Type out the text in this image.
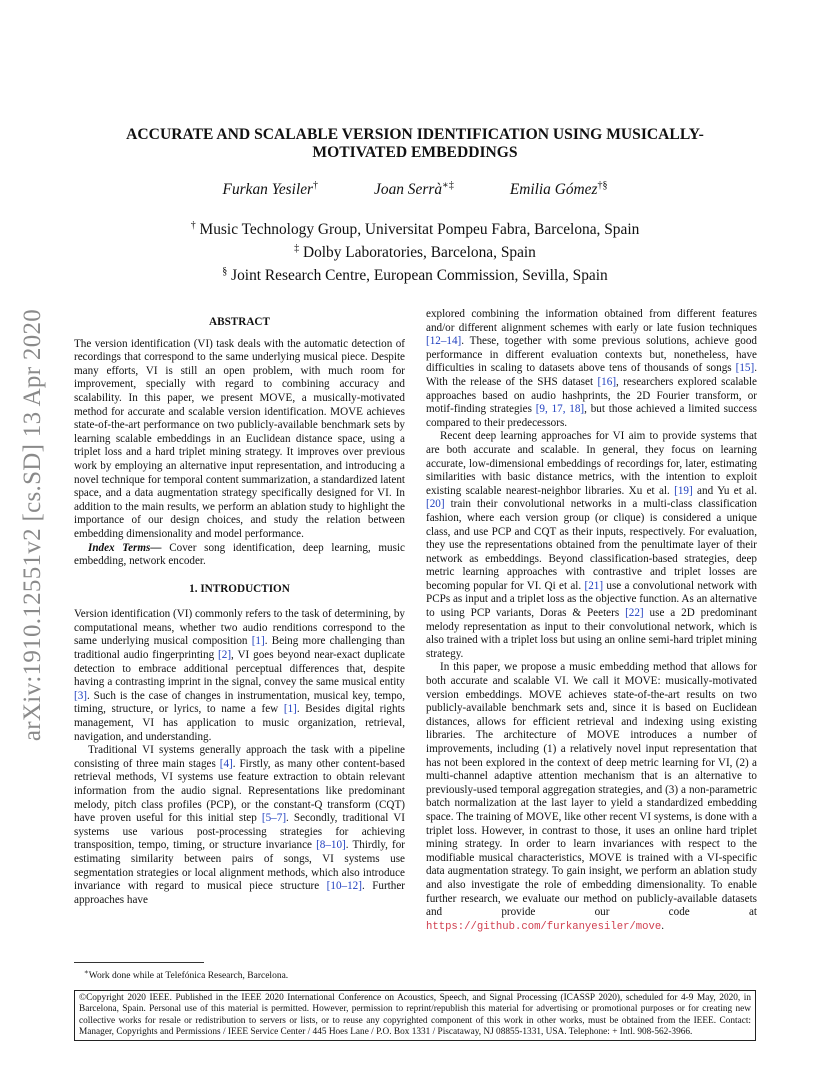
arXiv:1910.12551v2 [cs.SD] 13 Apr 2020
ACCURATE AND SCALABLE VERSION IDENTIFICATION USING MUSICALLY-MOTIVATED EMBEDDINGS
Furkan Yesiler†	Joan Serrà∗‡	Emilia Gómez†§
† Music Technology Group, Universitat Pompeu Fabra, Barcelona, Spain
‡ Dolby Laboratories, Barcelona, Spain
§ Joint Research Centre, European Commission, Sevilla, Spain
ABSTRACT

The version identification (VI) task deals with the automatic detection of recordings that correspond to the same underlying musical piece. Despite many efforts, VI is still an open problem, with much room for improvement, specially with regard to combining accuracy and scalability. In this paper, we present MOVE, a musically-motivated method for accurate and scalable version identification. MOVE achieves state-of-the-art performance on two publicly-available benchmark sets by learning scalable embeddings in an Euclidean distance space, using a triplet loss and a hard triplet mining strategy. It improves over previous work by employing an alternative input representation, and introducing a novel technique for temporal content summarization, a standardized latent space, and a data augmentation strategy specifically designed for VI. In addition to the main results, we perform an ablation study to highlight the importance of our design choices, and study the relation between embedding dimensionality and model performance.

Index Terms— Cover song identification, deep learning, music embedding, network encoder.

1. INTRODUCTION

Version identification (VI) commonly refers to the task of determining, by computational means, whether two audio renditions correspond to the same underlying musical composition [1]. Being more challenging than traditional audio fingerprinting [2], VI goes beyond near-exact duplicate detection to embrace additional perceptual differences that, despite having a contrasting imprint in the signal, convey the same musical entity [3]. Such is the case of changes in instrumentation, musical key, tempo, timing, structure, or lyrics, to name a few [1]. Besides digital rights management, VI has application to music organization, retrieval, navigation, and understanding.

Traditional VI systems generally approach the task with a pipeline consisting of three main stages [4]. Firstly, as many other content-based retrieval methods, VI systems use feature extraction to obtain relevant information from the audio signal. Representations like predominant melody, pitch class profiles (PCP), or the constant-Q transform (CQT) have proven useful for this initial step [5–7]. Secondly, traditional VI systems use various post-processing strategies for achieving transposition, tempo, timing, or structure invariance [8–10]. Thirdly, for estimating similarity between pairs of songs, VI systems use segmentation strategies or local alignment methods, which also introduce invariance with regard to musical piece structure [10–12]. Further approaches have

explored combining the information obtained from different features and/or different alignment schemes with early or late fusion techniques [12–14]. These, together with some previous solutions, achieve good performance in different evaluation contexts but, nonetheless, have difficulties in scaling to datasets above tens of thousands of songs [15]. With the release of the SHS dataset [16], researchers explored scalable approaches based on audio hashprints, the 2D Fourier transform, or motif-finding strategies [9, 17, 18], but those achieved a limited success compared to their predecessors.

Recent deep learning approaches for VI aim to provide systems that are both accurate and scalable. In general, they focus on learning accurate, low-dimensional embeddings of recordings for, later, estimating similarities with basic distance metrics, with the intention to exploit existing scalable nearest-neighbor libraries. Xu et al. [19] and Yu et al. [20] train their convolutional networks in a multi-class classification fashion, where each version group (or clique) is considered a unique class, and use PCP and CQT as their inputs, respectively. For evaluation, they use the representations obtained from the penultimate layer of their network as embeddings. Beyond classification-based strategies, deep metric learning approaches with contrastive and triplet losses are becoming popular for VI. Qi et al. [21] use a convolutional network with PCPs as input and a triplet loss as the objective function. As an alternative to using PCP variants, Doras & Peeters [22] use a 2D predominant melody representation as input to their convolutional network, which is also trained with a triplet loss but using an online semi-hard triplet mining strategy.

In this paper, we propose a music embedding method that allows for both accurate and scalable VI. We call it MOVE: musically-motivated version embeddings. MOVE achieves state-of-the-art results on two publicly-available benchmark sets and, since it is based on Euclidean distances, allows for efficient retrieval and indexing using existing libraries. The architecture of MOVE introduces a number of improvements, including (1) a relatively novel input representation that has not been explored in the context of deep metric learning for VI, (2) a multi-channel adaptive attention mechanism that is an alternative to previously-used temporal aggregation strategies, and (3) a non-parametric batch normalization at the last layer to yield a standardized embedding space. The training of MOVE, like other recent VI systems, is done with a triplet loss. However, in contrast to those, it uses an online hard triplet mining strategy. In order to learn invariances with respect to the modifiable musical characteristics, MOVE is trained with a VI-specific data augmentation strategy. To gain insight, we perform an ablation study and also investigate the role of embedding dimensionality. To enable further research, we evaluate our method on publicly-available datasets and provide our code at https://github.com/furkanyesiler/move.

∗Work done while at Telefónica Research, Barcelona.
©Copyright 2020 IEEE. Published in the IEEE 2020 International Conference on Acoustics, Speech, and Signal Processing (ICASSP 2020), scheduled for 4-9 May, 2020, in Barcelona, Spain. Personal use of this material is permitted. However, permission to reprint/republish this material for advertising or promotional purposes or for creating new collective works for resale or redistribution to servers or lists, or to reuse any copyrighted component of this work in other works, must be obtained from the IEEE. Contact: Manager, Copyrights and Permissions / IEEE Service Center / 445 Hoes Lane / P.O. Box 1331 / Piscataway, NJ 08855-1331, USA. Telephone: + Intl. 908-562-3966.
